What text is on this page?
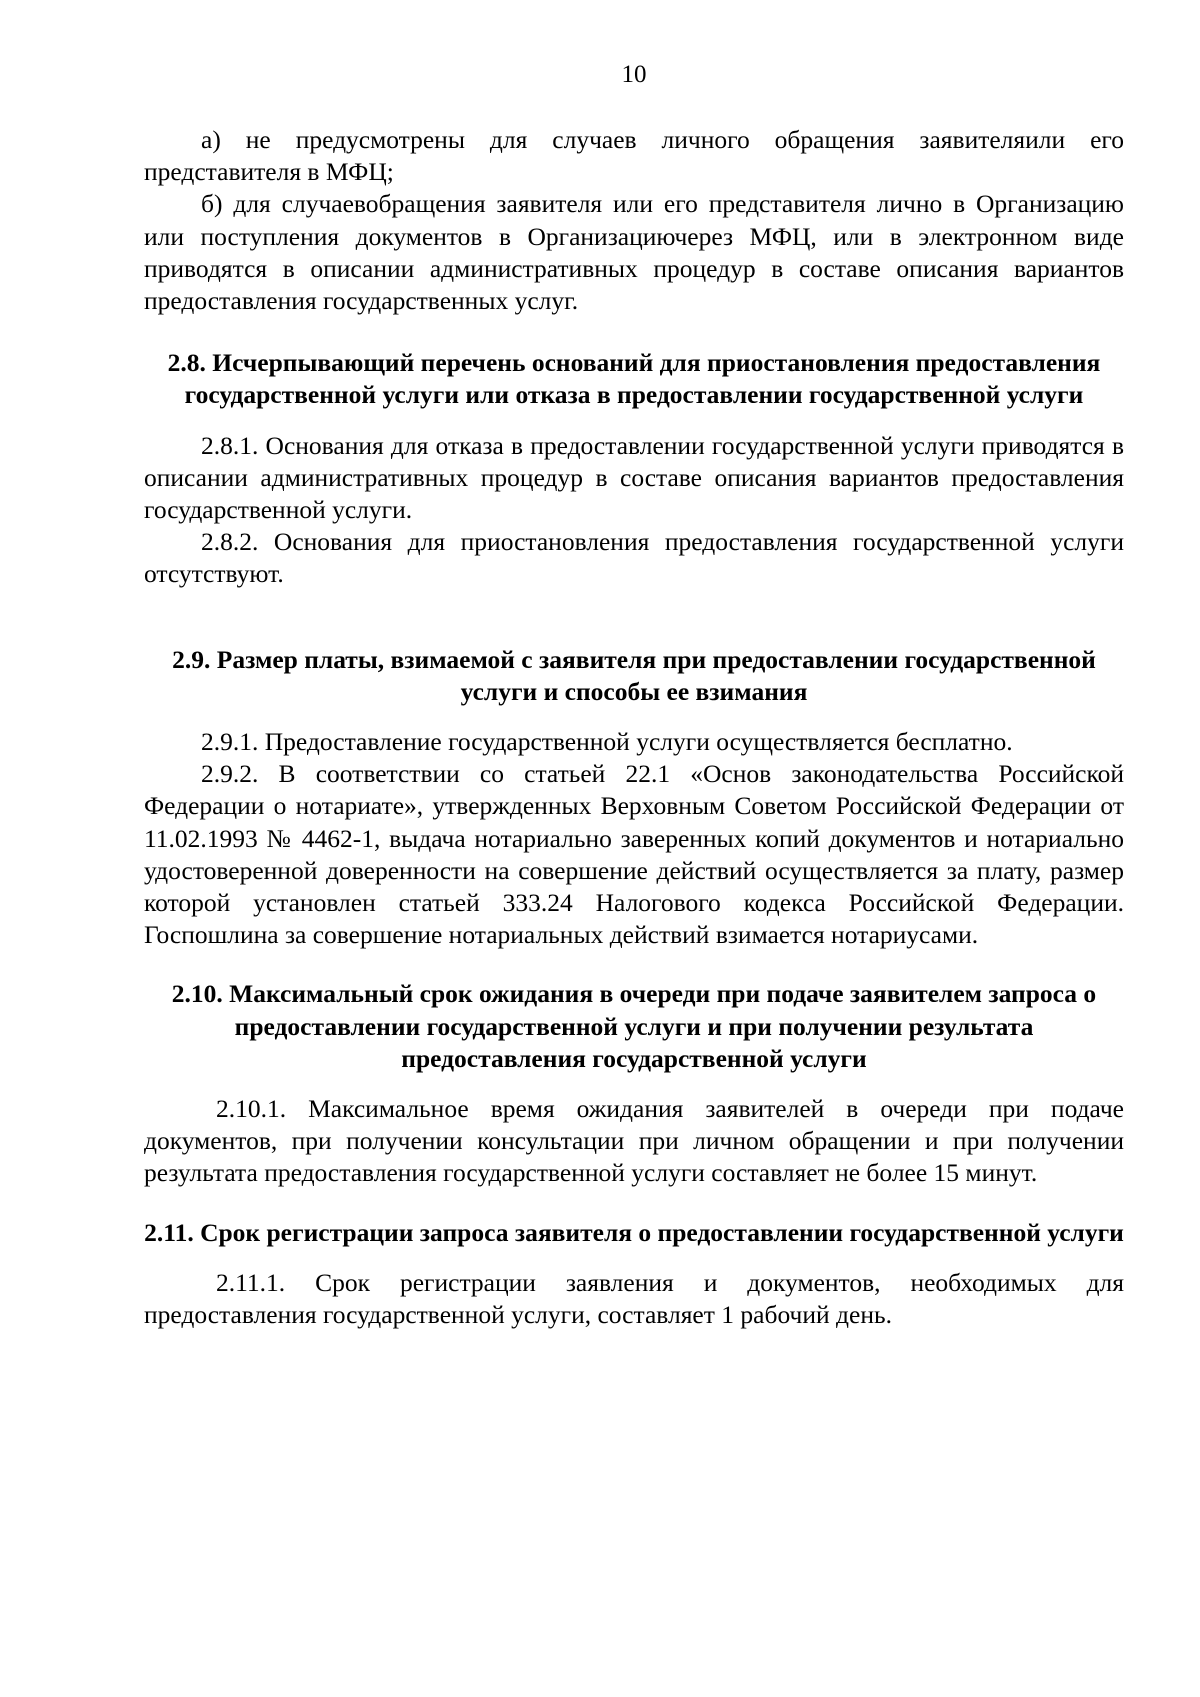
10

а) не предусмотрены для случаев личного обращения заявителяили его представителя в МФЦ;

б) для случаевобращения заявителя или его представителя лично в Организацию или поступления документов в Организациючерез МФЦ, или в электронном виде приводятся в описании административных процедур в составе описания вариантов предоставления государственных услуг.

2.8. Исчерпывающий перечень оснований для приостановления предоставления государственной услуги или отказа в предоставлении государственной услуги

2.8.1. Основания для отказа в предоставлении государственной услуги приводятся в описании административных процедур в составе описания вариантов предоставления государственной услуги.

2.8.2. Основания для приостановления предоставления государственной услуги отсутствуют.

2.9. Размер платы, взимаемой с заявителя при предоставлении государственной услуги и способы ее взимания

2.9.1. Предоставление государственной услуги осуществляется бесплатно.

2.9.2. В соответствии со статьей 22.1 «Основ законодательства Российской Федерации о нотариате», утвержденных Верховным Советом Российской Федерации от 11.02.1993 № 4462-1, выдача нотариально заверенных копий документов и нотариально удостоверенной доверенности на совершение действий осуществляется за плату, размер которой установлен статьей 333.24 Налогового кодекса Российской Федерации. Госпошлина за совершение нотариальных действий взимается нотариусами.

2.10. Максимальный срок ожидания в очереди при подаче заявителем запроса о предоставлении государственной услуги и при получении результата предоставления государственной услуги

2.10.1. Максимальное время ожидания заявителей в очереди при подаче документов, при получении консультации при личном обращении и при получении результата предоставления государственной услуги составляет не более 15 минут.

2.11. Срок регистрации запроса заявителя о предоставлении государственной услуги

2.11.1. Срок регистрации заявления и документов, необходимых для предоставления государственной услуги, составляет 1 рабочий день.
